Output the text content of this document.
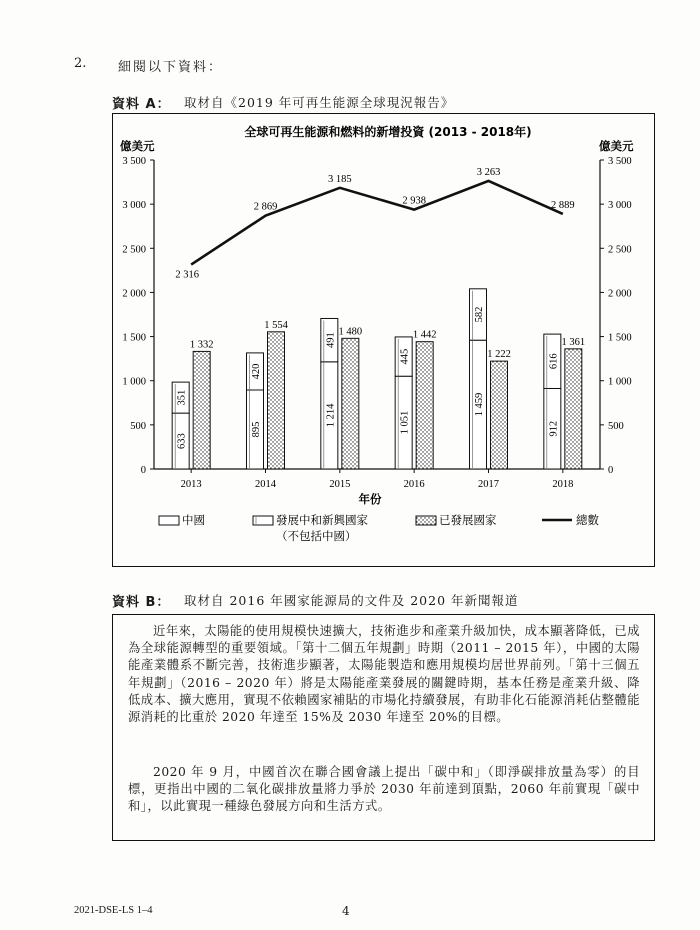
2. 細閱以下資料：
資料 A： 取材自《2019 年可再生能源全球現況報告》
全球可再生能源和燃料的新增投資 (2013 - 2018年)
億美元	億美元
年份
0	0
500	500
1 000	1 000
1 500	1 500
2 000	2 000
2 500	2 500
3 000	3 000
3 500	3 500
2013	2014	2015	2016	2017	2018
633
351
1 332
895
420
1 554
1 214
491
1 480
1 051
445
1 442
1 459
582
1 222
912
616
1 361
2 316
2 869
3 185
2 938
3 263
2 889
中國	發展中和新興國家
（不包括中國）
已發展國家	總數
資料 B： 取材自 2016 年國家能源局的文件及 2020 年新聞報道
近年來，太陽能的使用規模快速擴大，技術進步和產業升級加快，成本顯著降低，已成為全球能源轉型的重要領域。「第十二個五年規劃」時期（2011 – 2015 年），中國的太陽能產業體系不斷完善，技術進步顯著，太陽能製造和應用規模均居世界前列。「第十三個五年規劃」（2016 – 2020 年）將是太陽能產業發展的關鍵時期，基本任務是產業升級、降低成本、擴大應用，實現不依賴國家補貼的市場化持續發展，有助非化石能源消耗佔整體能源消耗的比重於 2020 年達至 15%及 2030 年達至 20%的目標。
2020 年 9 月，中國首次在聯合國會議上提出「碳中和」（即淨碳排放量為零）的目標，更指出中國的二氧化碳排放量將力爭於 2030 年前達到頂點，2060 年前實現「碳中和」，以此實現一種綠色發展方向和生活方式。
2021-DSE-LS 1–4	4
